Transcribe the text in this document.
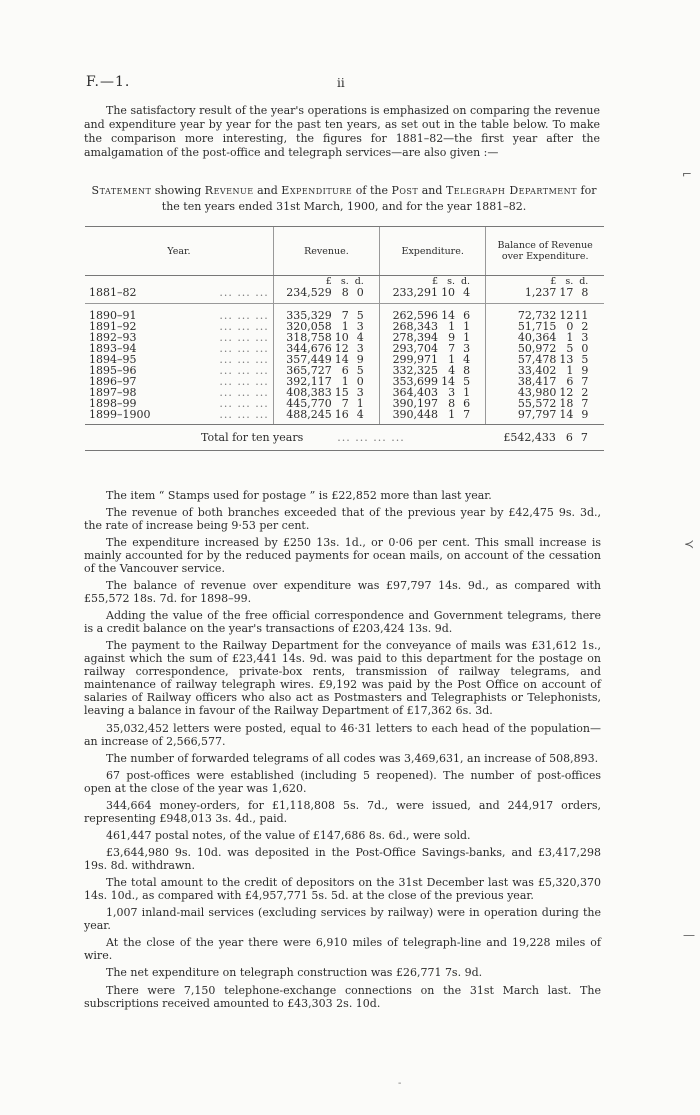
F.—1.	ii

The satisfactory result of the year's operations is emphasized on comparing the revenue and expenditure year by year for the past ten years, as set out in the table below. To make the comparison more interesting, the figures for 1881–82—the first year after the amalgamation of the post-office and telegraph services—are also given :—

Statement showing Revenue and Expenditure of the Post and Telegraph Department for the ten years ended 31st March, 1900, and for the year 1881–82.
Year.	Revenue.	Expenditure.	Balance of Revenue over Expenditure.
	£ s. d.	£ s. d.	£ s. d.

1881–82 ... ... ...	234,529 8 0	233,291 10 4	1,237 17 8

1890–91 ... ... ...	335,329 7 5	262,596 14 6	72,732 1211

1891–92 ... ... ...	320,058 1 3	268,343 1 1	51,715 0 2

1892–93 ... ... ...	318,758 10 4	278,394 9 1	40,364 1 3

1893–94 ... ... ...	344,676 12 3	293,704 7 3	50,972 5 0

1894–95 ... ... ...	357,449 14 9	299,971 1 4	57,478 13 5

1895–96 ... ... ...	365,727 6 5	332,325 4 8	33,402 1 9

1896–97 ... ... ...	392,117 1 0	353,699 14 5	38,417 6 7

1897–98 ... ... ...	408,383 15 3	364,403 3 1	43,980 12 2

1898–99 ... ... ...	445,770 7 1	390,197 8 6	55,572 18 7

1899–1900 ... ... ...	488,245 16 4	390,448 1 7	97,797 14 9
Total for ten years ... ... ... ...			£542,433 6 7

The item “ Stamps used for postage ” is £22,852 more than last year.

The revenue of both branches exceeded that of the previous year by £42,475 9s. 3d., the rate of increase being 9·53 per cent.

The expenditure increased by £250 13s. 1d., or 0·06 per cent. This small increase is mainly accounted for by the reduced payments for ocean mails, on account of the cessation of the Vancouver service.

The balance of revenue over expenditure was £97,797 14s. 9d., as compared with £55,572 18s. 7d. for 1898–99.

Adding the value of the free official correspondence and Government telegrams, there is a credit balance on the year's transactions of £203,424 13s. 9d.

The payment to the Railway Department for the conveyance of mails was £31,612 1s., against which the sum of £23,441 14s. 9d. was paid to this department for the postage on railway correspondence, private-box rents, transmission of railway telegrams, and maintenance of railway telegraph wires. £9,192 was paid by the Post Office on account of salaries of Railway officers who also act as Postmasters and Telegraphists or Telephonists, leaving a balance in favour of the Railway Department of £17,362 6s. 3d.

35,032,452 letters were posted, equal to 46·31 letters to each head of the population—an increase of 2,566,577.

The number of forwarded telegrams of all codes was 3,469,631, an increase of 508,893.

67 post-offices were established (including 5 reopened). The number of post-offices open at the close of the year was 1,620.

344,664 money-orders, for £1,118,808 5s. 7d., were issued, and 244,917 orders, representing £948,013 3s. 4d., paid.

461,447 postal notes, of the value of £147,686 8s. 6d., were sold.

£3,644,980 9s. 10d. was deposited in the Post-Office Savings-banks, and £3,417,298 19s. 8d. withdrawn.

The total amount to the credit of depositors on the 31st December last was £5,320,370 14s. 10d., as compared with £4,957,771 5s. 5d. at the close of the previous year.

1,007 inland-mail services (excluding services by railway) were in operation during the year.

At the close of the year there were 6,910 miles of telegraph-line and 19,228 miles of wire.

The net expenditure on telegraph construction was £26,771 7s. 9d.

There were 7,150 telephone-exchange connections on the 31st March last. The subscriptions received amounted to £43,303 2s. 10d.

⌐
≺
—
-
